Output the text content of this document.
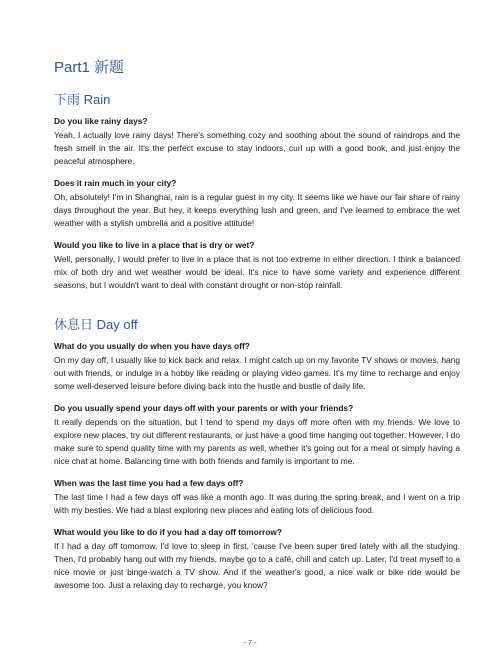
Part1 新题
下雨 Rain

Do you like rainy days?

Yeah, I actually love rainy days! There's something cozy and soothing about the sound of raindrops and the fresh smell in the air. It's the perfect excuse to stay indoors, curl up with a good book, and just enjoy the peaceful atmosphere.

Does it rain much in your city?

Oh, absolutely! I'm in Shanghai, rain is a regular guest in my city. It seems like we have our fair share of rainy days throughout the year. But hey, it keeps everything lush and green, and I've learned to embrace the wet weather with a stylish umbrella and a positive attitude!

Would you like to live in a place that is dry or wet?

Well, personally, I would prefer to live in a place that is not too extreme in either direction. I think a balanced mix of both dry and wet weather would be ideal. It's nice to have some variety and experience different seasons, but I wouldn't want to deal with constant drought or non-stop rainfall.

休息日 Day off

What do you usually do when you have days off?

On my day off, I usually like to kick back and relax. I might catch up on my favorite TV shows or movies, hang out with friends, or indulge in a hobby like reading or playing video games. It's my time to recharge and enjoy some well-deserved leisure before diving back into the hustle and bustle of daily life.

Do you usually spend your days off with your parents or with your friends?

It really depends on the situation, but I tend to spend my days off more often with my friends. We love to explore new places, try out different restaurants, or just have a good time hanging out together. However, I do make sure to spend quality time with my parents as well, whether it's going out for a meal or simply having a nice chat at home. Balancing time with both friends and family is important to me.

When was the last time you had a few days off?

The last time I had a few days off was like a month ago. It was during the spring break, and I went on a trip with my besties. We had a blast exploring new places and eating lots of delicious food.

What would you like to do if you had a day off tomorrow?

If I had a day off tomorrow, I'd love to sleep in first, 'cause I've been super tired lately with all the studying. Then, I'd probably hang out with my friends, maybe go to a café, chill and catch up. Later, I'd treat myself to a nice movie or just binge-watch a TV show. And if the weather's good, a nice walk or bike ride would be awesome too. Just a relaxing day to recharge, you know?

- 7 -
